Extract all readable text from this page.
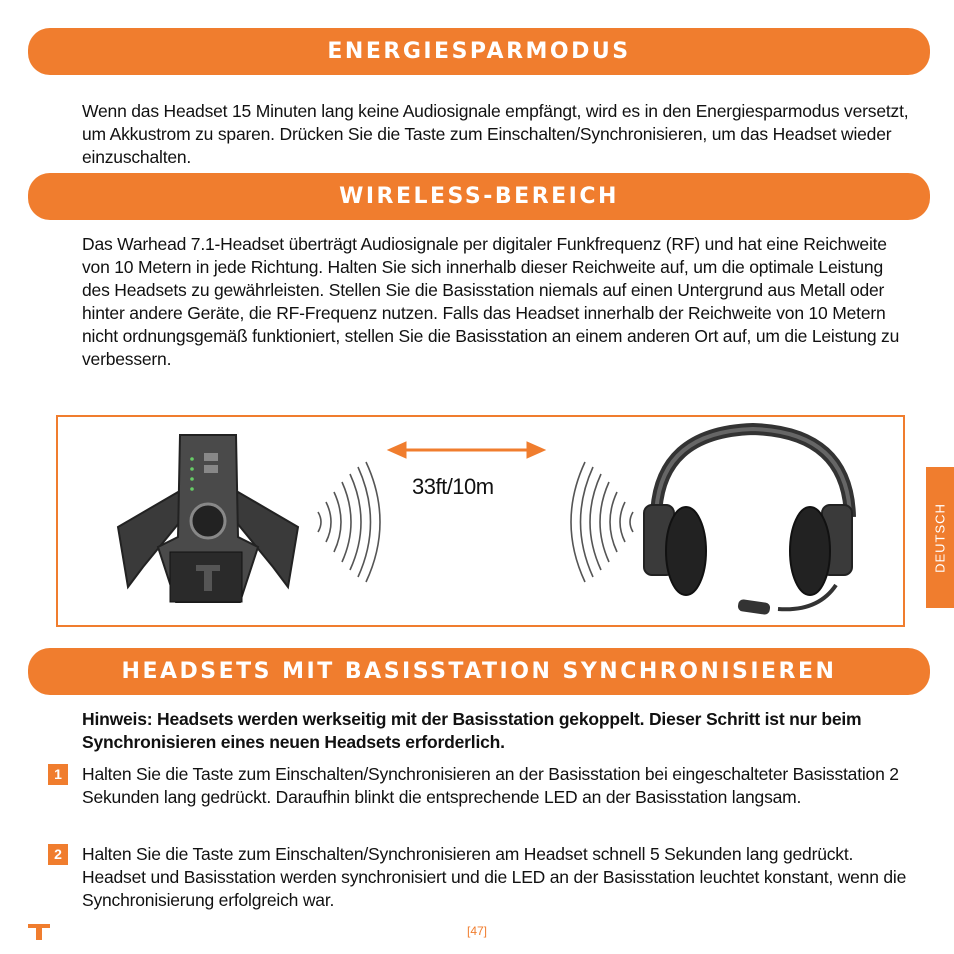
ENERGIESPARMODUS
Wenn das Headset 15 Minuten lang keine Audiosignale empfängt, wird es in den Energiesparmodus versetzt, um Akkustrom zu sparen. Drücken Sie die Taste zum Einschalten/Synchronisieren, um das Headset wieder einzuschalten.
WIRELESS-BEREICH
Das Warhead 7.1-Headset überträgt Audiosignale per digitaler Funkfrequenz (RF) und hat eine Reichweite von 10 Metern in jede Richtung. Halten Sie sich innerhalb dieser Reichweite auf, um die optimale Leistung des Headsets zu gewährleisten. Stellen Sie die Basisstation niemals auf einen Untergrund aus Metall oder hinter andere Geräte, die RF-Frequenz nutzen. Falls das Headset innerhalb der Reichweite von 10 Metern nicht ordnungsgemäß funktioniert, stellen Sie die Basisstation an einem anderen Ort auf, um die Leistung zu verbessern.
33ft/10m
DEUTSCH
HEADSETS MIT BASISSTATION SYNCHRONISIEREN
Hinweis: Headsets werden werkseitig mit der Basisstation gekoppelt. Dieser Schritt ist nur beim Synchronisieren eines neuen Headsets erforderlich.
1	Halten Sie die Taste zum Einschalten/Synchronisieren an der Basisstation bei eingeschalteter Basisstation 2 Sekunden lang gedrückt. Daraufhin blinkt die entsprechende LED an der Basisstation langsam.
2	Halten Sie die Taste zum Einschalten/Synchronisieren am Headset schnell 5 Sekunden lang gedrückt. Headset und Basisstation werden synchronisiert und die LED an der Basisstation leuchtet konstant, wenn die Synchronisierung erfolgreich war.
[47]
